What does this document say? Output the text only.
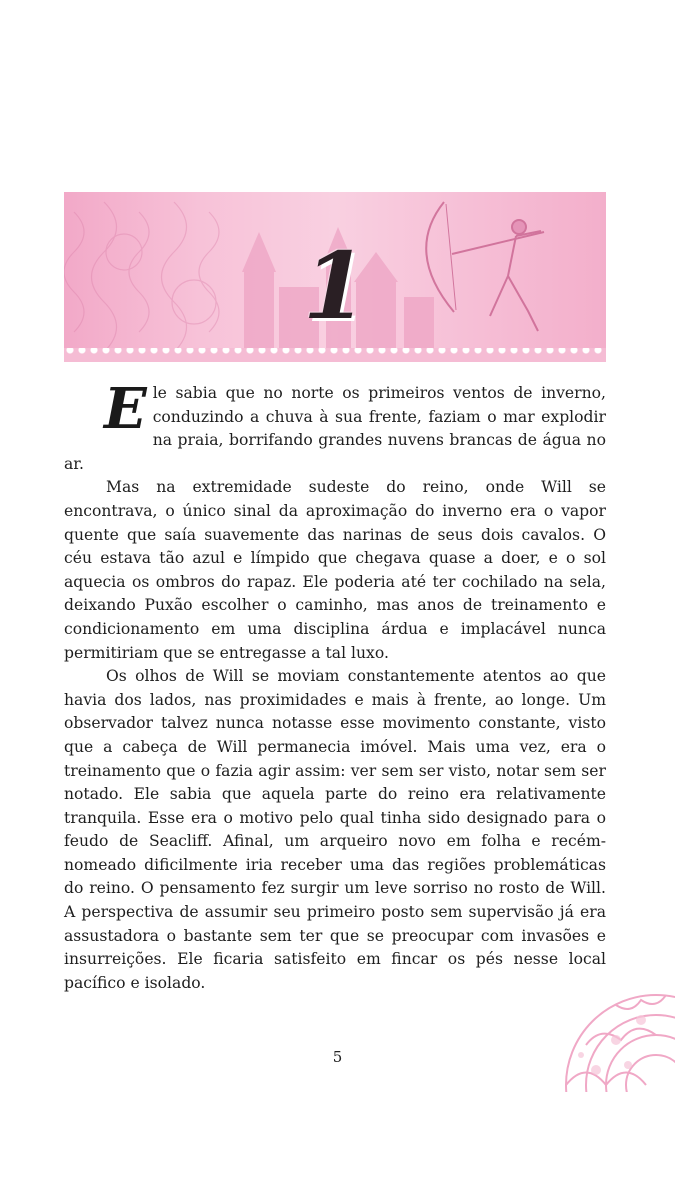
1

Ele sabia que no norte os primeiros ventos de inverno, conduzindo a chuva à sua frente, faziam o mar explodir na praia, borrifando grandes nuvens brancas de água no ar.

Mas na extremidade sudeste do reino, onde Will se encontrava, o único sinal da aproximação do inverno era o vapor quente que saía suavemente das narinas de seus dois cavalos. O céu estava tão azul e límpido que chegava quase a doer, e o sol aquecia os ombros do rapaz. Ele poderia até ter cochilado na sela, deixando Puxão escolher o caminho, mas anos de treinamento e condicionamento em uma disciplina árdua e implacável nunca permitiriam que se entregasse a tal luxo.

Os olhos de Will se moviam constantemente atentos ao que havia dos lados, nas proximidades e mais à frente, ao longe. Um observador talvez nunca notasse esse movimento constante, visto que a cabeça de Will permanecia imóvel. Mais uma vez, era o treinamento que o fazia agir assim: ver sem ser visto, notar sem ser notado. Ele sabia que aquela parte do reino era relativamente tranquila. Esse era o motivo pelo qual tinha sido designado para o feudo de Seacliff. Afinal, um arqueiro novo em folha e recém-nomeado dificilmente iria receber uma das regiões problemáticas do reino. O pensamento fez surgir um leve sorriso no rosto de Will. A perspectiva de assumir seu primeiro posto sem supervisão já era assustadora o bastante sem ter que se preocupar com invasões e insurreições. Ele ficaria satisfeito em fincar os pés nesse local pacífico e isolado.

5
